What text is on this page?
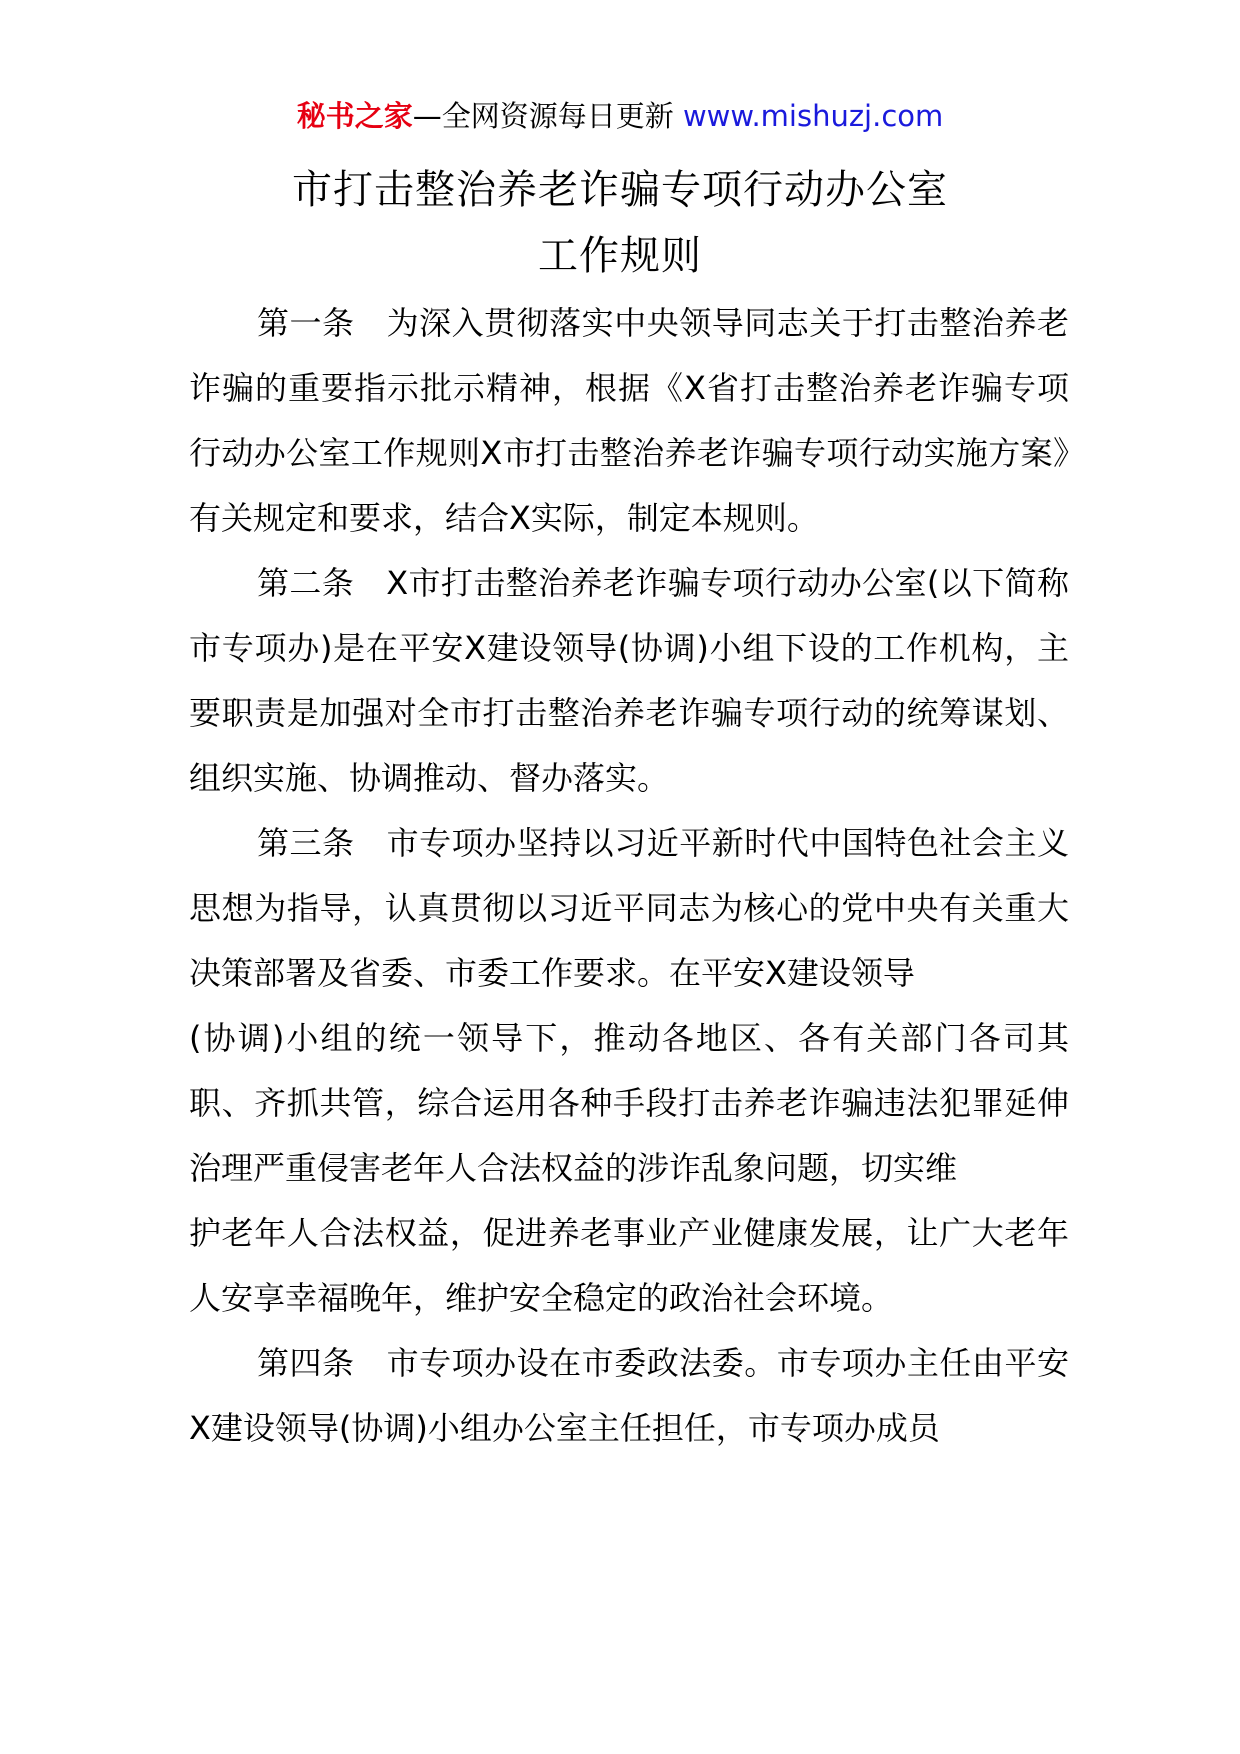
秘书之家—全网资源每日更新 www.mishuzj.com
市打击整治养老诈骗专项行动办公室
工作规则

第一条 为深入贯彻落实中央领导同志关于打击整治养老诈骗的重要指示批示精神，根据《X省打击整治养老诈骗专项行动办公室工作规则X市打击整治养老诈骗专项行动实施方案》有关规定和要求，结合X实际，制定本规则。

第二条 X市打击整治养老诈骗专项行动办公室(以下简称市专项办)是在平安X建设领导(协调)小组下设的工作机构，主要职责是加强对全市打击整治养老诈骗专项行动的统筹谋划、组织实施、协调推动、督办落实。

第三条 市专项办坚持以习近平新时代中国特色社会主义思想为指导，认真贯彻以习近平同志为核心的党中央有关重大决策部署及省委、市委工作要求。在平安X建设领导

(协调)小组的统一领导下，推动各地区、各有关部门各司其职、齐抓共管，综合运用各种手段打击养老诈骗违法犯罪延伸治理严重侵害老年人合法权益的涉诈乱象问题，切实维

护老年人合法权益，促进养老事业产业健康发展，让广大老年人安享幸福晚年，维护安全稳定的政治社会环境。

第四条 市专项办设在市委政法委。市专项办主任由平安X建设领导(协调)小组办公室主任担任，市专项办成员
